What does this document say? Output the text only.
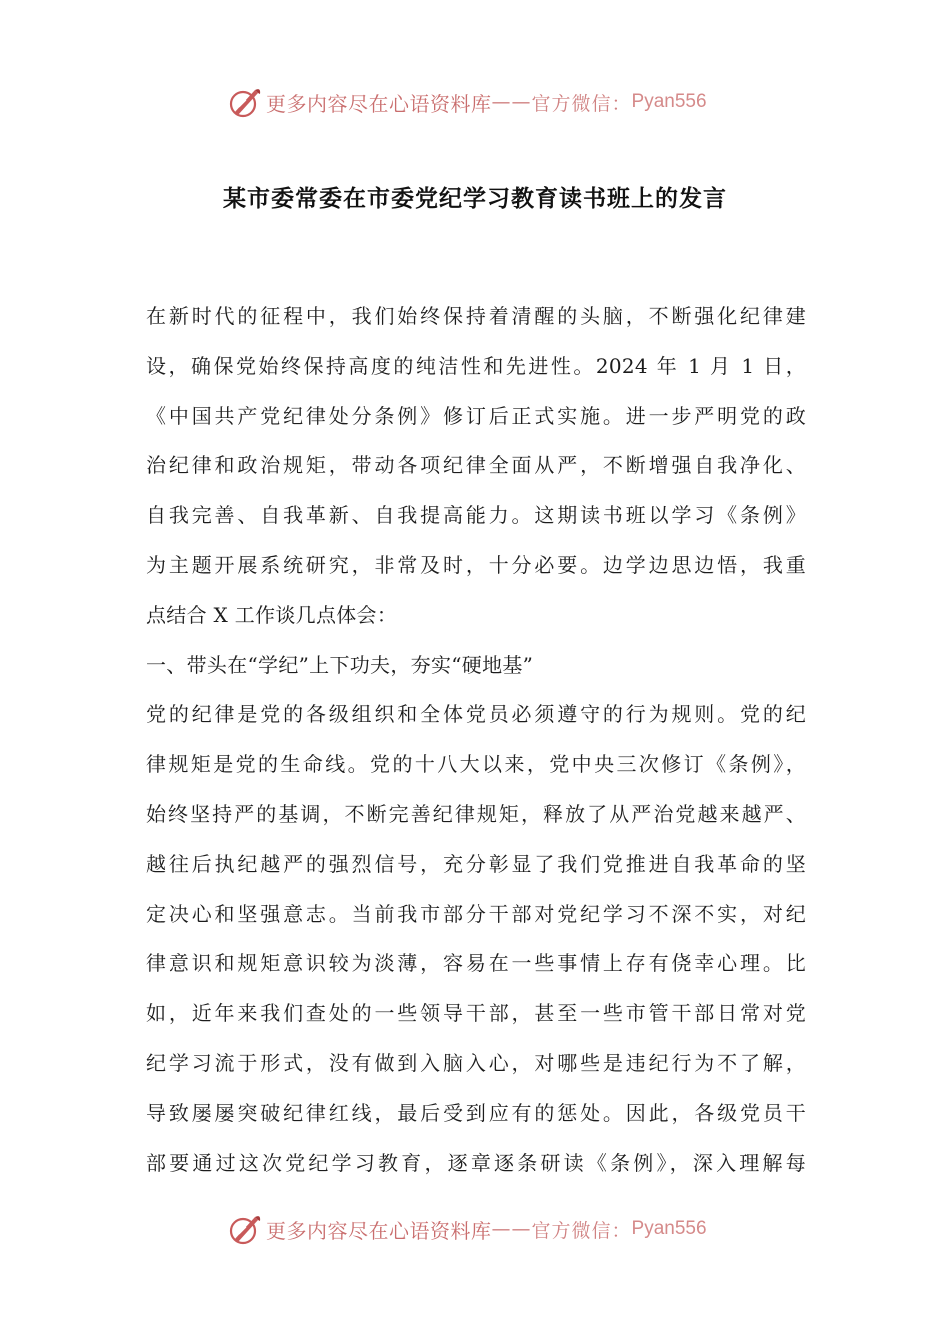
更多内容尽在心语资料库 —— 官方微信： Pyan556
某市委常委在市委党纪学习教育读书班上的发言
在新时代的征程中，我们始终保持着清醒的头脑，不断强化纪律建
设，确保党始终保持高度的纯洁性和先进性。2024 年 1 月 1 日，
《中国共产党纪律处分条例》修订后正式实施。进一步严明党的政
治纪律和政治规矩，带动各项纪律全面从严，不断增强自我净化、
自我完善、自我革新、自我提高能力。这期读书班以学习《条例》
为主题开展系统研究，非常及时，十分必要。边学边思边悟，我重
点结合 X 工作谈几点体会：
一、带头在“学纪”上下功夫，夯实“硬地基”
党的纪律是党的各级组织和全体党员必须遵守的行为规则。党的纪
律规矩是党的生命线。党的十八大以来，党中央三次修订《条例》，
始终坚持严的基调，不断完善纪律规矩，释放了从严治党越来越严、
越往后执纪越严的强烈信号，充分彰显了我们党推进自我革命的坚
定决心和坚强意志。当前我市部分干部对党纪学习不深不实，对纪
律意识和规矩意识较为淡薄，容易在一些事情上存有侥幸心理。比
如，近年来我们查处的一些领导干部，甚至一些市管干部日常对党
纪学习流于形式，没有做到入脑入心，对哪些是违纪行为不了解，
导致屡屡突破纪律红线，最后受到应有的惩处。因此，各级党员干
部要通过这次党纪学习教育，逐章逐条研读《条例》，深入理解每
更多内容尽在心语资料库 —— 官方微信： Pyan556
